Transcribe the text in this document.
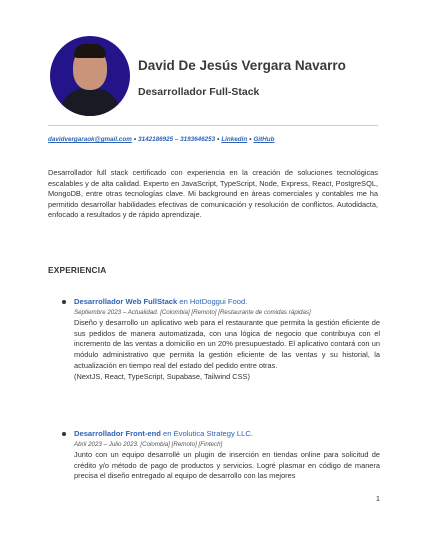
David De Jesús Vergara Navarro
Desarrollador Full-Stack
davidvergaraok@gmail.com • 3142186925 – 3193646253 • Linkedin • GitHub
Desarrollador full stack certificado con experiencia en la creación de soluciones tecnológicas escalables y de alta calidad. Experto en JavaScript, TypeScript, Node, Express, React, PostgreSQL, MongoDB, entre otras tecnologías clave. Mi background en áreas comerciales y contables me ha permitido desarrollar habilidades efectivas de comunicación y resolución de conflictos. Autodidacta, enfocado a resultados y de rápido aprendizaje.
EXPERIENCIA
Desarrollador Web FullStack en HotDoggui Food.
Septiembre 2023 – Actualidad. [Colombia] [Remoto] [Restaurante de comidas rápidas]
Diseño y desarrollo un aplicativo web para el restaurante que permita la gestión eficiente de sus pedidos de manera automatizada, con una lógica de negocio que contribuya con el incremento de las ventas a domicilio en un 20% presupuestado. El aplicativo contará con un módulo administrativo que permita la gestión eficiente de las ventas y su historial, la actualización en tiempo real del estado del pedido entre otras.
(NextJS, React, TypeScript, Supabase, Tailwind CSS)
Desarrollador Front-end en Evolutica Strategy LLC.
Abril 2023 – Julio 2023. [Colombia] [Remoto] [Fintech]
Junto con un equipo desarrollé un plugin de inserción en tiendas online para solicitud de crédito y/o método de pago de productos y servicios. Logré plasmar en código de manera precisa el diseño entregado al equipo de desarrollo con las mejores
1
